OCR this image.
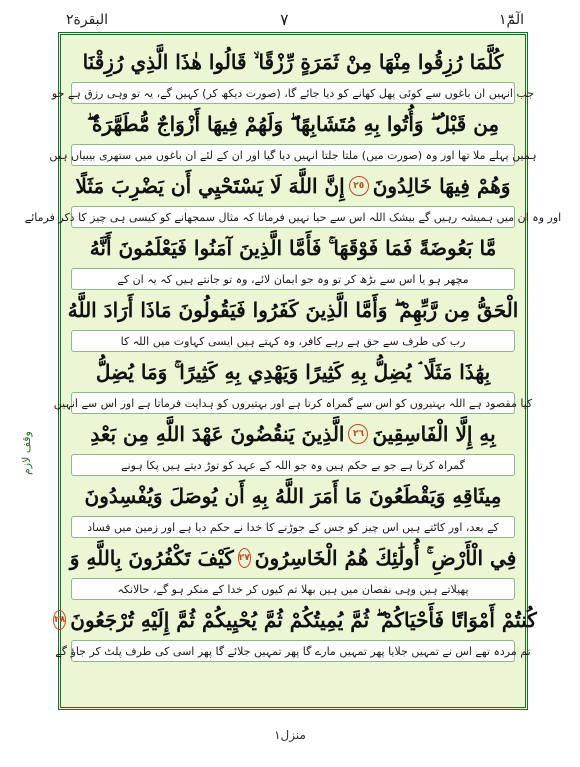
البقرة٢	٧	الٓمّٓ١
وقف لازم
كُلَّمَا رُزِقُوا مِنْهَا مِنْ ثَمَرَةٍ رِّزْقًا ۙ قَالُوا هٰذَا الَّذِي رُزِقْنَا
جب انہیں ان باغوں سے کوئی پھل کھانے کو دیا جائے گا، (صورت دیکھ کر) کہیں گے، یہ تو وہی رزق ہے جو
مِن قَبْلُ ۖ وَأُتُوا بِهِ مُتَشَابِهًا ۖ وَلَهُمْ فِيهَا أَزْوَاجٌ مُّطَهَّرَةٌ ۖ
ہمیں پہلے ملا تھا اور وہ (صورت میں) ملتا جلتا انہیں دیا گیا اور ان کے لئے ان باغوں میں ستھری بیبیاں ہیں
وَهُمْ فِيهَا خَالِدُونَ
٢٥
إِنَّ اللَّهَ لَا يَسْتَحْيِي أَن يَضْرِبَ مَثَلًا
اور وہ ان میں ہمیشہ رہیں گے بیشک اللہ اس سے حیا نہیں فرماتا کہ مثال سمجھانے کو کیسی ہی چیز کا ذکر فرمائے
مَّا بَعُوضَةً فَمَا فَوْقَهَا ۚ فَأَمَّا الَّذِينَ آمَنُوا فَيَعْلَمُونَ أَنَّهُ
مچھر ہو یا اس سے بڑھ کر تو وہ جو ایمان لائے، وہ تو جانتے ہیں کہ یہ ان کے
الْحَقُّ مِن رَّبِّهِمْ ۖ وَأَمَّا الَّذِينَ كَفَرُوا فَيَقُولُونَ مَاذَا أَرَادَ اللَّهُ
رب کی طرف سے حق ہے رہے کافر، وہ کہتے ہیں ایسی کہاوت میں اللہ کا
بِهَٰذَا مَثَلًا ۘ يُضِلُّ بِهِ كَثِيرًا وَيَهْدِي بِهِ كَثِيرًا ۚ وَمَا يُضِلُّ
کیا مقصود ہے اللہ بہتیروں کو اس سے گمراہ کرتا ہے اور بہتیروں کو ہدایت فرماتا ہے اور اس سے انہیں
بِهِ إِلَّا الْفَاسِقِينَ
٢٦
الَّذِينَ يَنقُضُونَ عَهْدَ اللَّهِ مِن بَعْدِ
گمراہ کرتا ہے جو بے حکم ہیں وہ جو اللہ کے عہد کو توڑ دیتے ہیں پکا ہونے
مِيثَاقِهِ وَيَقْطَعُونَ مَا أَمَرَ اللَّهُ بِهِ أَن يُوصَلَ وَيُفْسِدُونَ
کے بعد، اور کاٹتے ہیں اس چیز کو جس کے جوڑنے کا خدا نے حکم دیا ہے اور زمین میں فساد
فِي الْأَرْضِ ۚ أُولَٰئِكَ هُمُ الْخَاسِرُونَ
٢٧
كَيْفَ تَكْفُرُونَ بِاللَّهِ وَ
پھیلاتے ہیں وہی نقصان میں ہیں بھلا تم کیوں کر خدا کے منکر ہو گے، حالانکہ
كُنتُمْ أَمْوَاتًا فَأَحْيَاكُمْ ۖ ثُمَّ يُمِيتُكُمْ ثُمَّ يُحْيِيكُمْ ثُمَّ إِلَيْهِ تُرْجَعُونَ
٢٨
تم مردہ تھے اس نے تمہیں جلایا پھر تمہیں مارے گا پھر تمہیں جلائے گا پھر اسی کی طرف پلٹ کر جاؤ گے
منزل١
